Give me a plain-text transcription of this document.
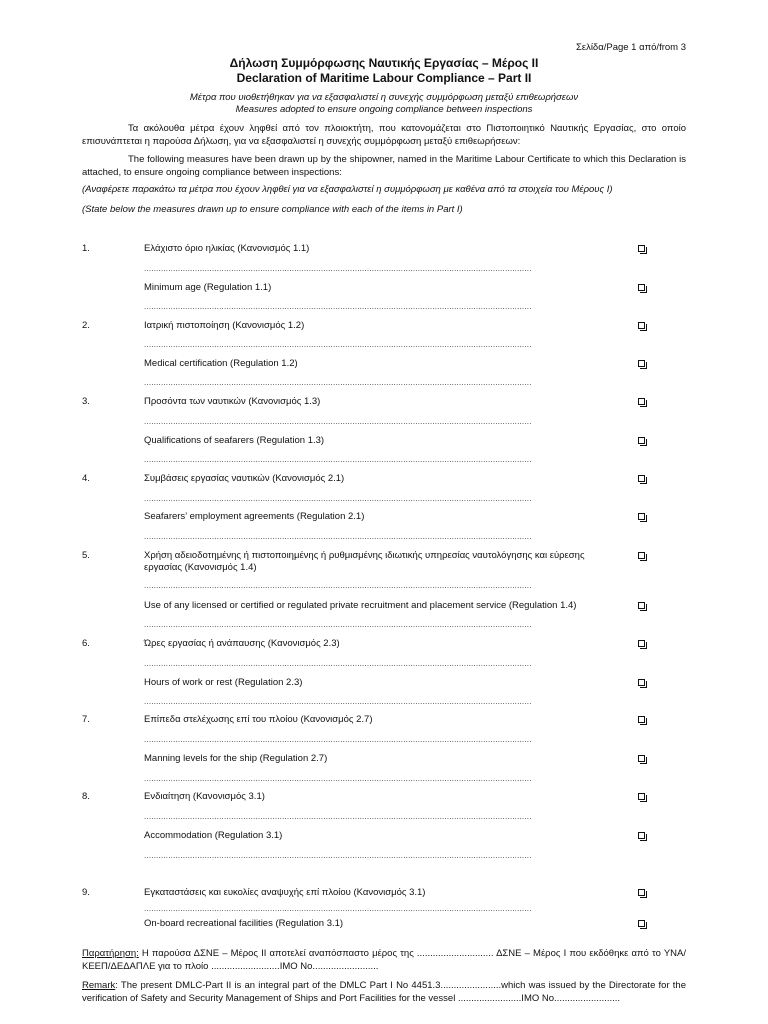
Σελίδα/Page 1 από/from 3
Δήλωση Συμμόρφωσης Ναυτικής Εργασίας – Μέρος ΙΙ
Declaration of Maritime Labour Compliance – Part II
Μέτρα που υιοθετήθηκαν για να εξασφαλιστεί η συνεχής συμμόρφωση μεταξύ επιθεωρήσεων
Measures adopted to ensure ongoing compliance between inspections
Τα ακόλουθα μέτρα έχουν ληφθεί από τον πλοιοκτήτη, που κατονομάζεται στο Πιστοποιητικό Ναυτικής Εργασίας, στο οποίο επισυνάπτεται η παρούσα Δήλωση, για να εξασφαλιστεί η συνεχής συμμόρφωση μεταξύ επιθεωρήσεων:
The following measures have been drawn up by the shipowner, named in the Maritime Labour Certificate to which this Declaration is attached, to ensure ongoing compliance between inspections:
(Αναφέρετε παρακάτω τα μέτρα που έχουν ληφθεί για να εξασφαλιστεί η συμμόρφωση με καθένα από τα στοιχεία του Μέρους Ι)
(State below the measures drawn up to ensure compliance with each of the items in Part I)
1.	Ελάχιστο όριο ηλικίας (Κανονισμός 1.1)
................................................................................................................................................................
Minimum age (Regulation 1.1)
................................................................................................................................................................
2.	Ιατρική πιστοποίηση (Κανονισμός 1.2)
................................................................................................................................................................
Medical certification (Regulation 1.2)
................................................................................................................................................................
3.	Προσόντα των ναυτικών (Κανονισμός 1.3)
................................................................................................................................................................
Qualifications of seafarers (Regulation 1.3)
................................................................................................................................................................
4.	Συμβάσεις εργασίας ναυτικών (Κανονισμός 2.1)
................................................................................................................................................................
Seafarers’ employment agreements (Regulation 2.1)
................................................................................................................................................................
5.	Χρήση αδειοδοτημένης ή πιστοποιημένης ή ρυθμισμένης ιδιωτικής υπηρεσίας ναυτολόγησης και εύρεσης εργασίας (Κανονισμός 1.4)
................................................................................................................................................................
Use of any licensed or certified or regulated private recruitment and placement service (Regulation 1.4)
................................................................................................................................................................
6.	Ώρες εργασίας ή ανάπαυσης (Κανονισμός 2.3)
................................................................................................................................................................
Hours of work or rest (Regulation 2.3)
................................................................................................................................................................
7.	Επίπεδα στελέχωσης επί του πλοίου (Κανονισμός 2.7)
................................................................................................................................................................
Manning levels for the ship (Regulation 2.7)
................................................................................................................................................................
8.	Ενδιαίτηση (Κανονισμός 3.1)
................................................................................................................................................................
Accommodation (Regulation 3.1)
................................................................................................................................................................
9.	Εγκαταστάσεις και ευκολίες αναψυχής επί πλοίου (Κανονισμός 3.1)
................................................................................................................................................................
On-board recreational facilities (Regulation 3.1)
Παρατήρηση: Η παρούσα ΔΣΝΕ – Μέρος ΙΙ αποτελεί αναπόσπαστο μέρος της ............................. ΔΣΝΕ – Μέρος Ι που εκδόθηκε από το ΥΝΑ/ΚΕΕΠ/ΔΕΔΑΠΛΕ για το πλοίο ..........................ΙΜΟ Νο.........................
Remark: The present DMLC-Part II is an integral part of the DMLC Part I No 4451.3.......................which was issued by the Directorate for the verification of Safety and Security Management of Ships and Port Facilities for the vessel ........................IMO No.........................
